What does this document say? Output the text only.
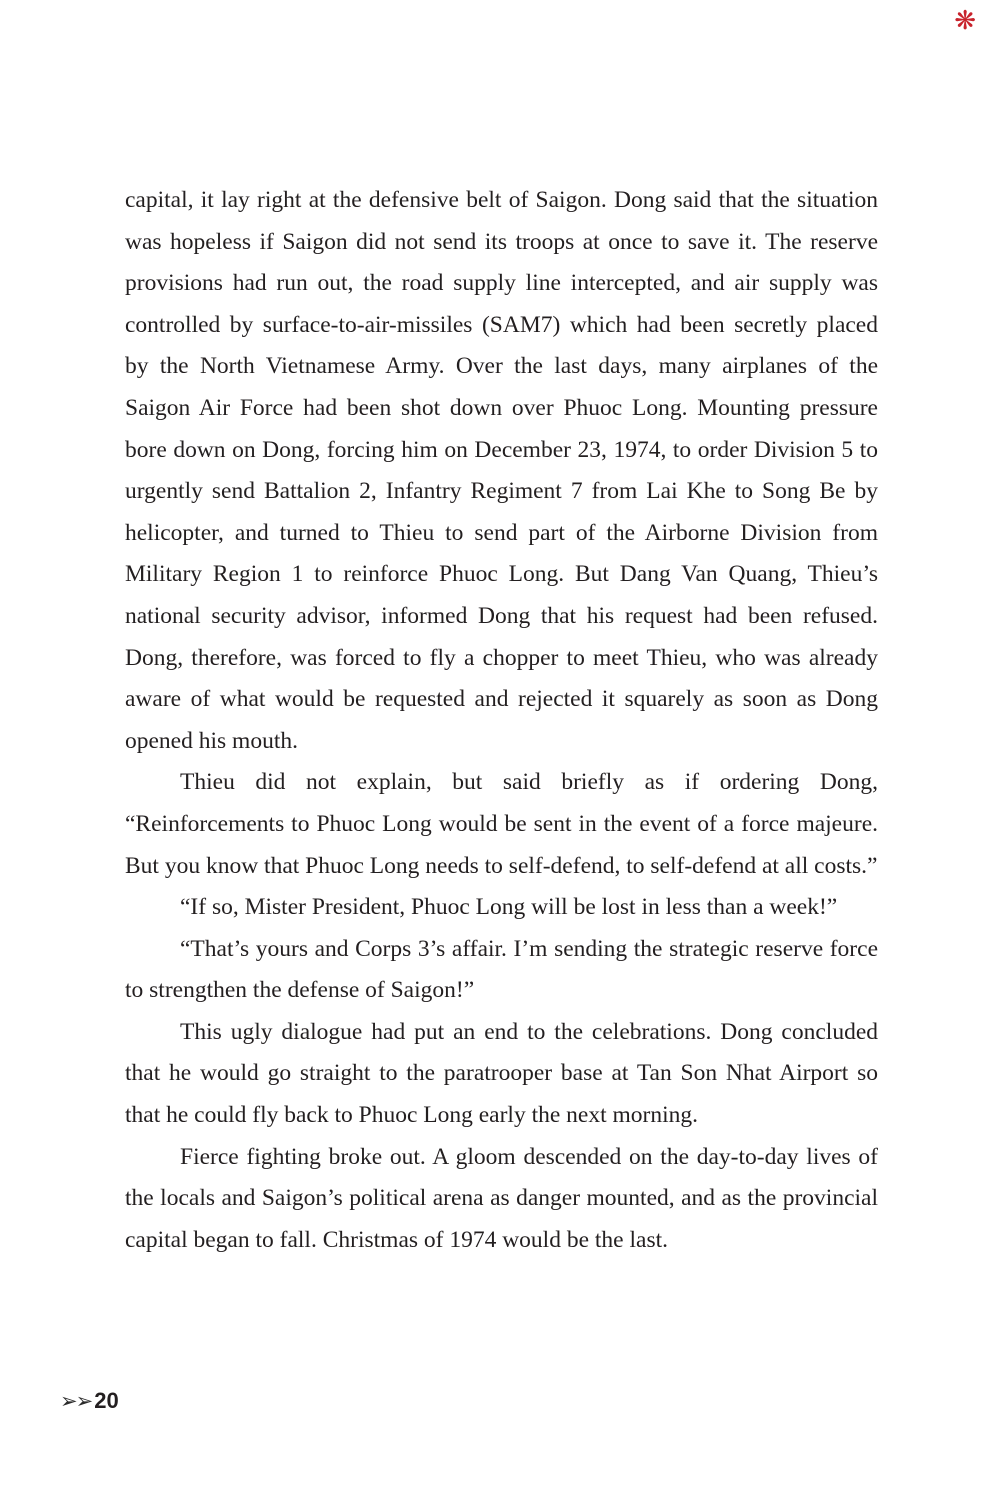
❋

capital, it lay right at the defensive belt of Saigon. Dong said that the situation was hopeless if Saigon did not send its troops at once to save it. The reserve provisions had run out, the road supply line intercepted, and air supply was controlled by surface-to-air-missiles (SAM7) which had been secretly placed by the North Vietnamese Army. Over the last days, many airplanes of the Saigon Air Force had been shot down over Phuoc Long. Mounting pressure bore down on Dong, forcing him on December 23, 1974, to order Division 5 to urgently send Battalion 2, Infantry Regiment 7 from Lai Khe to Song Be by helicopter, and turned to Thieu to send part of the Airborne Division from Military Region 1 to reinforce Phuoc Long. But Dang Van Quang, Thieu’s national security advisor, informed Dong that his request had been refused. Dong, therefore, was forced to fly a chopper to meet Thieu, who was already aware of what would be requested and rejected it squarely as soon as Dong opened his mouth.

Thieu did not explain, but said briefly as if ordering Dong, “Reinforcements to Phuoc Long would be sent in the event of a force majeure. But you know that Phuoc Long needs to self-defend, to self-defend at all costs.”

“If so, Mister President, Phuoc Long will be lost in less than a week!”

“That’s yours and Corps 3’s affair. I’m sending the strategic reserve force to strengthen the defense of Saigon!”

This ugly dialogue had put an end to the celebrations. Dong concluded that he would go straight to the paratrooper base at Tan Son Nhat Airport so that he could fly back to Phuoc Long early the next morning.

Fierce fighting broke out. A gloom descended on the day-to-day lives of the locals and Saigon’s political arena as danger mounted, and as the provincial capital began to fall. Christmas of 1974 would be the last.

➢➢ 20
